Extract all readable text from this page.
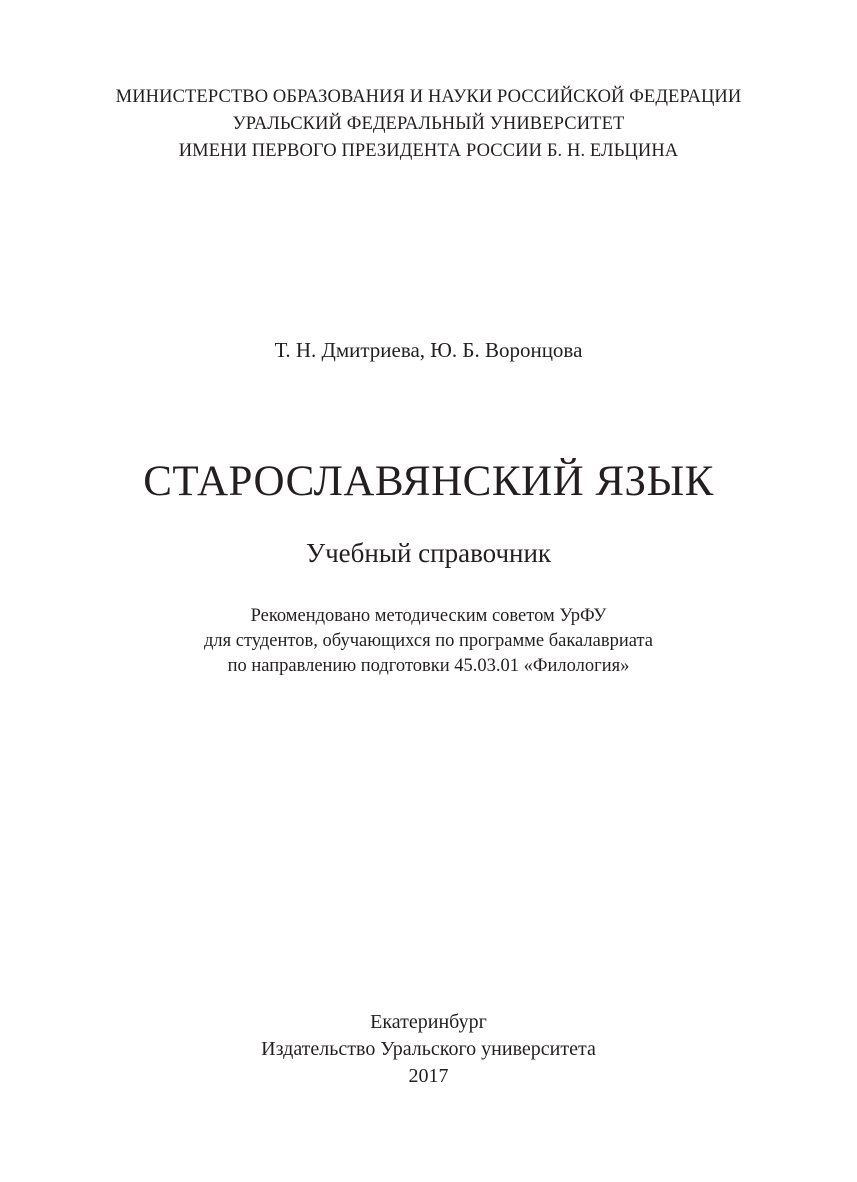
МИНИСТЕРСТВО ОБРАЗОВАНИЯ И НАУКИ РОССИЙСКОЙ ФЕДЕРАЦИИ
УРАЛЬСКИЙ ФЕДЕРАЛЬНЫЙ УНИВЕРСИТЕТ
ИМЕНИ ПЕРВОГО ПРЕЗИДЕНТА РОССИИ Б. Н. ЕЛЬЦИНА
Т. Н. Дмитриева, Ю. Б. Воронцова
СТАРОСЛАВЯНСКИЙ ЯЗЫК
Учебный справочник
Рекомендовано методическим советом УрФУ
для студентов, обучающихся по программе бакалавриата
по направлению подготовки 45.03.01 «Филология»
Екатеринбург
Издательство Уральского университета
2017
